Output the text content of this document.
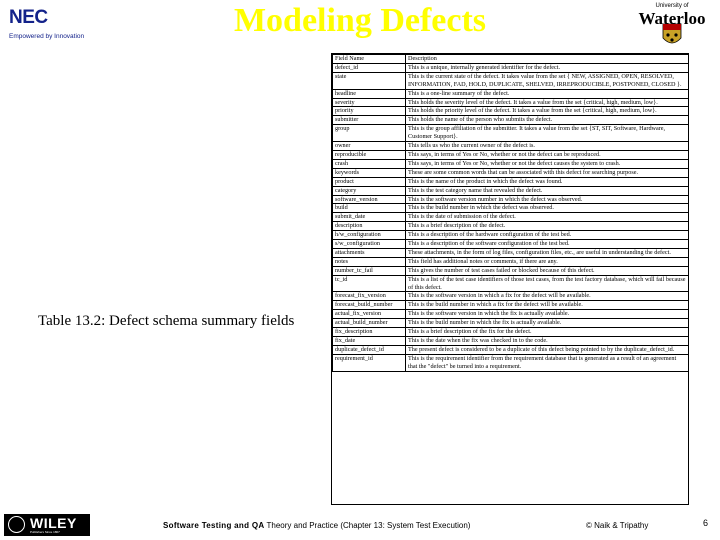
NEC
Empowered by Innovation	Modeling Defects	University of
Waterloo
Table 13.2: Defect schema summary fields
Field Name	Description
defect_id	This is a unique, internally generated identifier for the defect.
state	This is the current state of the defect. It takes value from the set { NEW, ASSIGNED, OPEN, RESOLVED, INFORMATION, FAD, HOLD, DUPLICATE, SHELVED, IRREPRODUCIBLE, POSTPONED, CLOSED }.
headline	This is a one-line summary of the defect.
severity	This holds the severity level of the defect. It takes a value from the set {critical, high, medium, low}.
priority	This holds the priority level of the defect. It takes a value from the set {critical, high, medium, low}.
submitter	This holds the name of the person who submits the defect.
group	This is the group affiliation of the submitter. It takes a value from the set {ST, SIT, Software, Hardware, Customer Support}.
owner	This tells us who the current owner of the defect is.
reproducible	This says, in terms of Yes or No, whether or not the defect can be reproduced.
crash	This says, in terms of Yes or No, whether or not the defect causes the system to crash.
keywords	These are some common words that can be associated with this defect for searching purpose.
product	This is the name of the product in which the defect was found.
category	This is the test category name that revealed the defect.
software_version	This is the software version number in which the defect was observed.
build	This is the build number in which the defect was observed.
submit_date	This is the date of submission of the defect.
description	This is a brief description of the defect.
h/w_configuration	This is a description of the hardware configuration of the test bed.
s/w_configuration	This is a description of the software configuration of the test bed.
attachments	These attachments, in the form of log files, configuration files, etc., are useful in understanding the defect.
notes	This field has additional notes or comments, if there are any.
number_tc_fail	This gives the number of test cases failed or blocked because of this defect.
tc_id	This is a list of the test case identifiers of those test cases, from the test factory database, which will fail because of this defect.
forecast_fix_version	This is the software version in which a fix for the defect will be available.
forecast_build_number	This is the build number in which a fix for the defect will be available.
actual_fix_version	This is the software version in which the fix is actually available.
actual_build_number	This is the build number in which the fix is actually available.
fix_description	This is a brief description of the fix for the defect.
fix_date	This is the date when the fix was checked in to the code.
duplicate_defect_id	The present defect is considered to be a duplicate of this defect being pointed to by the duplicate_defect_id.
requirement_id	This is the requirement identifier from the requirement database that is generated as a result of an agreement that the "defect" be turned into a requirement.
WILEY
Publishers Since 1807
Software Testing and QA Theory and Practice (Chapter 13: System Test Execution)	© Naik & Tripathy	6
